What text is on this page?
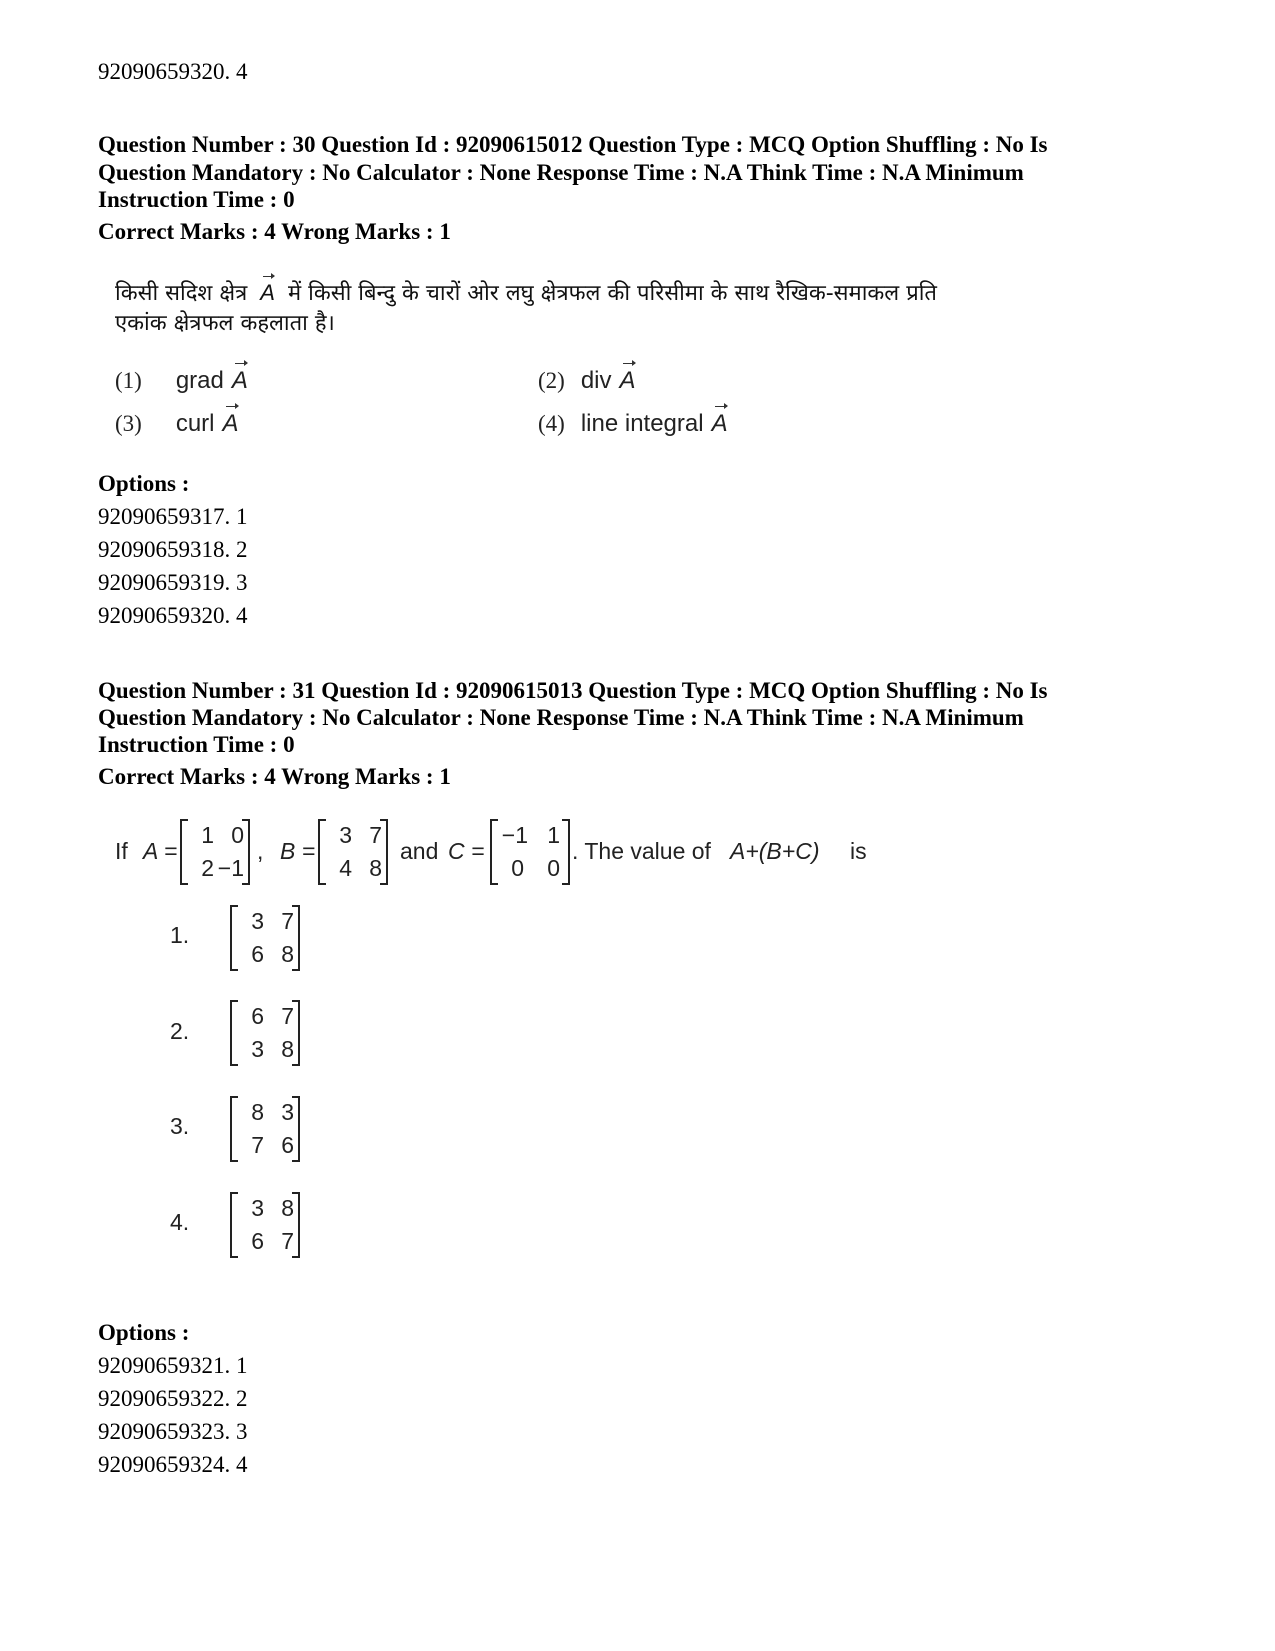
92090659320. 4
Question Number : 30 Question Id : 92090615012 Question Type : MCQ Option Shuffling : No Is
Question Mandatory : No Calculator : None Response Time : N.A Think Time : N.A Minimum
Instruction Time : 0
Correct Marks : 4 Wrong Marks : 1
किसी सदिश क्षेत्र A में किसी बिन्दु के चारों ओर लघु क्षेत्रफल की परिसीमा के साथ रैखिक-समाकल प्रति
एकांक क्षेत्रफल कहलाता है।
(1) grad A	(2) div A
(3) curl A	(4) line integral A
Options :
92090659317. 1
92090659318. 2
92090659319. 3
92090659320. 4
Question Number : 31 Question Id : 92090615013 Question Type : MCQ Option Shuffling : No Is
Question Mandatory : No Calculator : None Response Time : N.A Think Time : N.A Minimum
Instruction Time : 0
Correct Marks : 4 Wrong Marks : 1
If A =
1 0
2 −1
, B =
3 7
4 8
and C =
−1 1
0	0
. The value of A+(B+C) is
1.
3 7
6 8
2.
6 7
3 8
3.
8 3
7 6
4.
3 8
6 7
Options :
92090659321. 1
92090659322. 2
92090659323. 3
92090659324. 4
